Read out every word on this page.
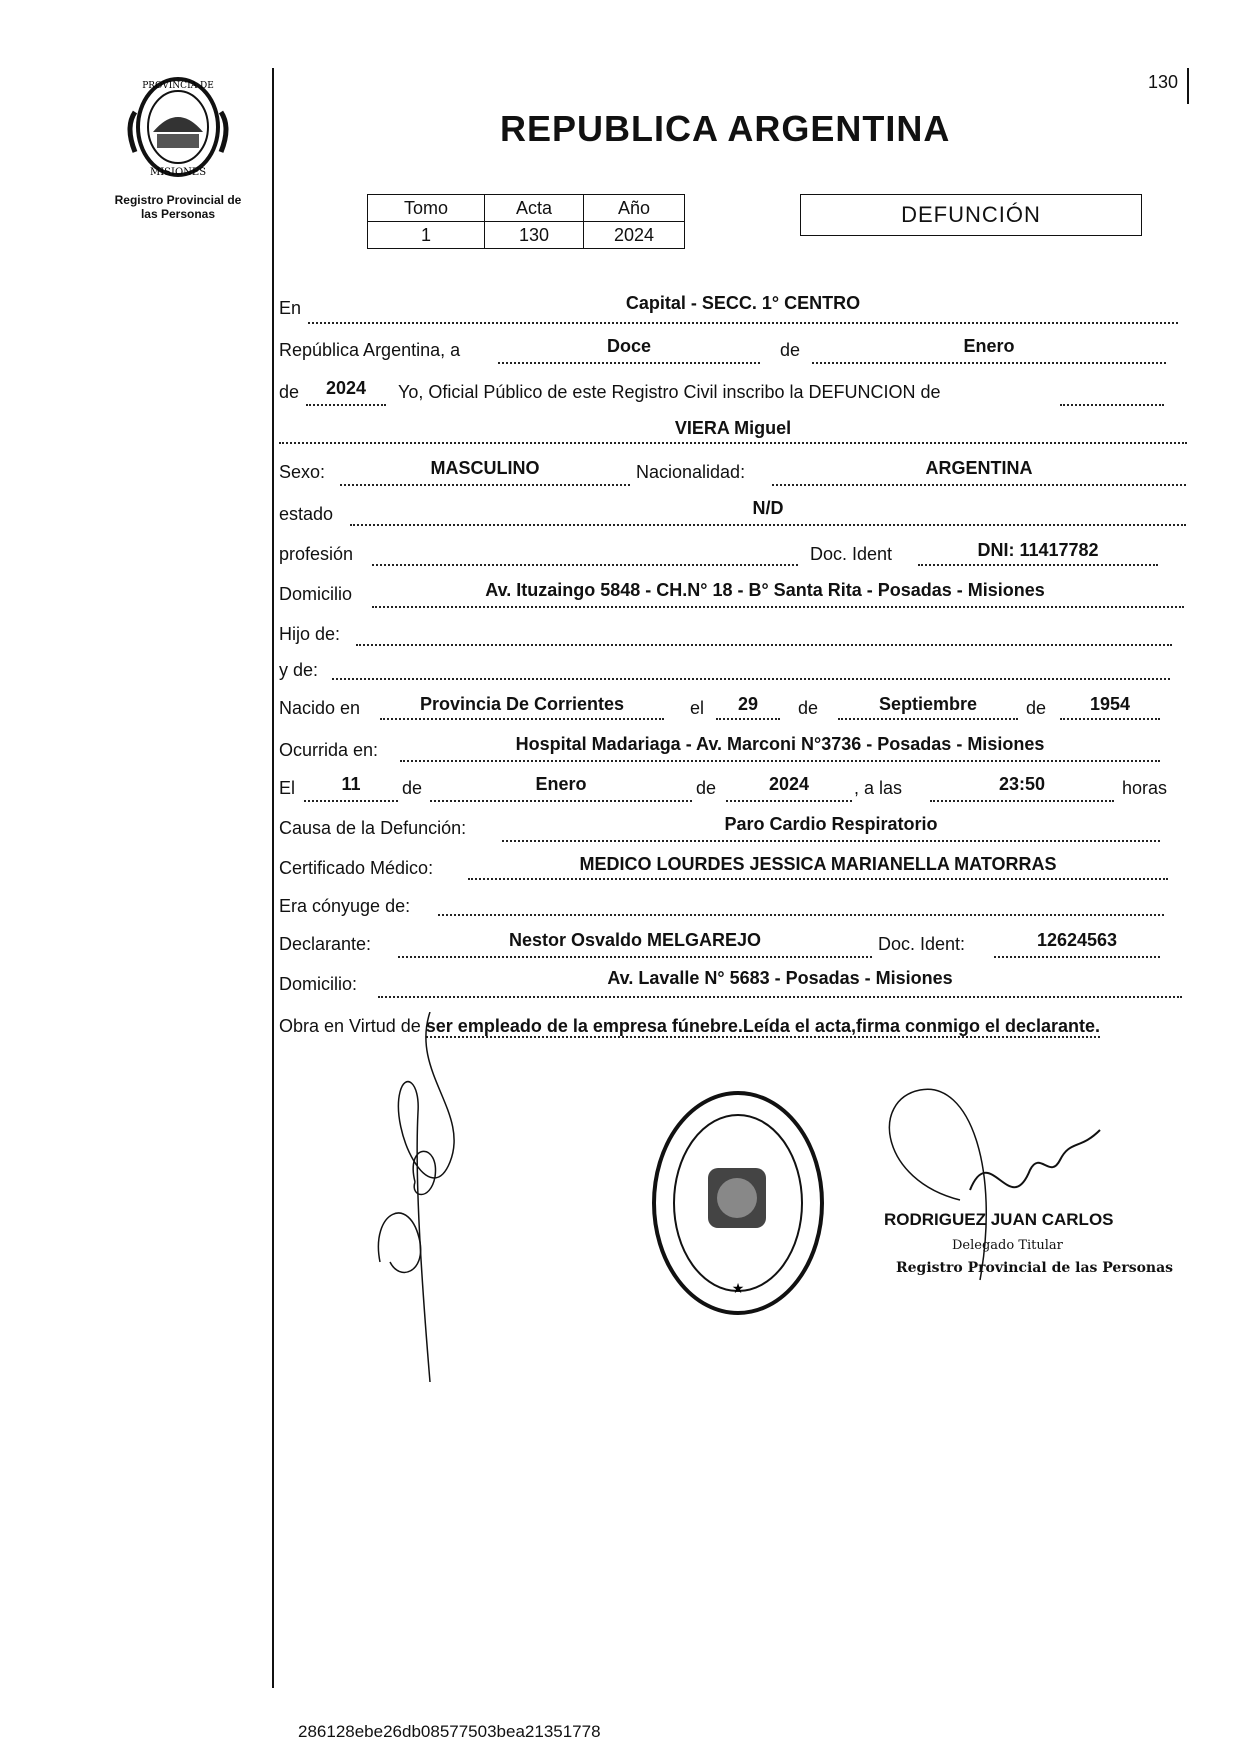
PROVINCIA DE
MISIONES
Registro Provincial de
las Personas
130
REPUBLICA ARGENTINA
Tomo	Acta	Año
1	130	2024
DEFUNCIÓN
En	Capital - SECC. 1° CENTRO
República Argentina, a	Doce	de	Enero
de	2024	Yo, Oficial Público de este Registro Civil inscribo la DEFUNCION de
VIERA Miguel
Sexo:	MASCULINO	Nacionalidad:	ARGENTINA
estado	N/D
profesión	Doc. Ident	DNI: 11417782
Domicilio	Av. Ituzaingo 5848 - CH.N° 18 - B° Santa Rita - Posadas - Misiones
Hijo de:
y de:
Nacido en	Provincia De Corrientes	el	29	de	Septiembre	de	1954
Ocurrida en:	Hospital Madariaga - Av. Marconi N°3736 - Posadas - Misiones
El	11	de	Enero	de	2024	, a las	23:50	horas
Causa de la Defunción:	Paro Cardio Respiratorio
Certificado Médico:	MEDICO LOURDES JESSICA MARIANELLA MATORRAS
Era cónyuge de:
Declarante:	Nestor Osvaldo MELGAREJO	Doc. Ident:	12624563
Domicilio:	Av. Lavalle N° 5683 - Posadas - Misiones
Obra en Virtud de ser empleado de la empresa fúnebre.Leída el acta,firma conmigo el declarante.
★
RODRIGUEZ JUAN CARLOS
Delegado Titular
Registro Provincial de las Personas
286128ebe26db08577503bea21351778
